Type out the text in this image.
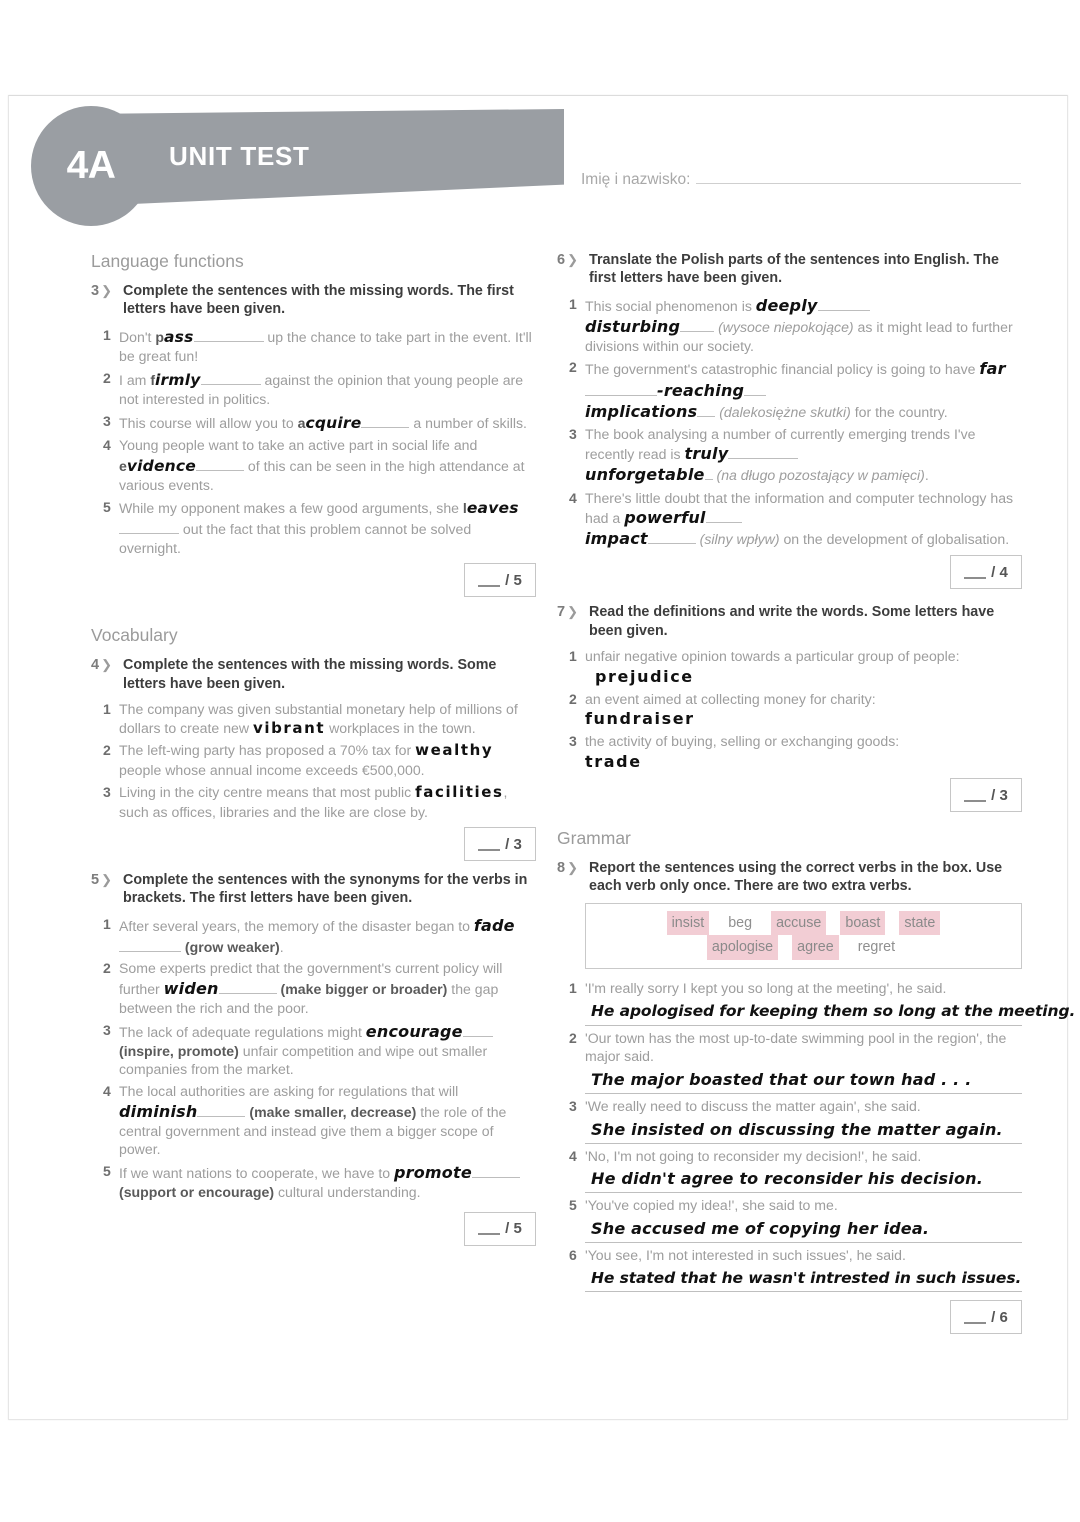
4A	UNIT TEST
Imię i nazwisko:
Language functions
3 ❯ Complete the sentences with the missing words. The first letters have been given.
1 Don't pass	up the chance to take part in the event. It'll be great fun!
2 I am firmly	against the opinion that young people are not interested in politics.
3 This course will allow you to acquire	a number of skills.
4 Young people want to take an active part in social life and evidence	of this can be seen in the high attendance at various events.
5 While my opponent makes a few good arguments, she leaves out the fact that this problem cannot be solved overnight.
/ 5
Vocabulary
4 ❯ Complete the sentences with the missing words. Some letters have been given.
1 The company was given substantial monetary help of millions of dollars to create new vibrant workplaces in the town.
2 The left-wing party has proposed a 70% tax for wealthy people whose annual income exceeds €500,000.
3 Living in the city centre means that most public facilities, such as offices, libraries and the like are close by.
/ 3
5 ❯ Complete the sentences with the synonyms for the verbs in brackets. The first letters have been given.
1 After several years, the memory of the disaster began to fade (grow weaker).
2 Some experts predict that the government's current policy will further widen	(make bigger or broader) the gap between the rich and the poor.
3 The lack of adequate regulations might encourage (inspire, promote) unfair competition and wipe out smaller companies from the market.
4 The local authorities are asking for regulations that will diminish	(make smaller, decrease) the role of the central government and instead give them a bigger scope of power.
5 If we want nations to cooperate, we have to promote (support or encourage) cultural understanding.
/ 5
6 ❯ Translate the Polish parts of the sentences into English. The first letters have been given.
1 This social phenomenon is deeply
disturbing	(wysoce niepokojące) as it might lead to further divisions within our society.
2 The government's catastrophic financial policy is going to have far-reaching
implications (dalekosiężne skutki) for the country.
3 The book analysing a number of currently emerging trends I've recently read is truly
unforgetable (na długo pozostający w pamięci).
4 There's little doubt that the information and computer technology has had a powerful
impact	(silny wpływ) on the development of globalisation.
/ 4
7 ❯ Read the definitions and write the words. Some letters have been given.
1 unfair negative opinion towards a particular group of people: prejudice
2 an event aimed at collecting money for charity:
fundraiser
3 the activity of buying, selling or exchanging goods:
trade
/ 3
Grammar
8 ❯ Report the sentences using the correct verbs in the box. Use each verb only once. There are two extra verbs.
insist beg accuse boast state
apologise agree regret
1 'I'm really sorry I kept you so long at the meeting', he said.
He apologised for keeping them so long at the meeting.
2 'Our town has the most up-to-date swimming pool in the region', the major said.
The major boasted that our town had . . .
3 'We really need to discuss the matter again', she said.
She insisted on discussing the matter again.
4 'No, I'm not going to reconsider my decision!', he said.
He didn't agree to reconsider his decision.
5 'You've copied my idea!', she said to me.
She accused me of copying her idea.
6 'You see, I'm not interested in such issues', he said.
He stated that he wasn't intrested in such issues.
/ 6
